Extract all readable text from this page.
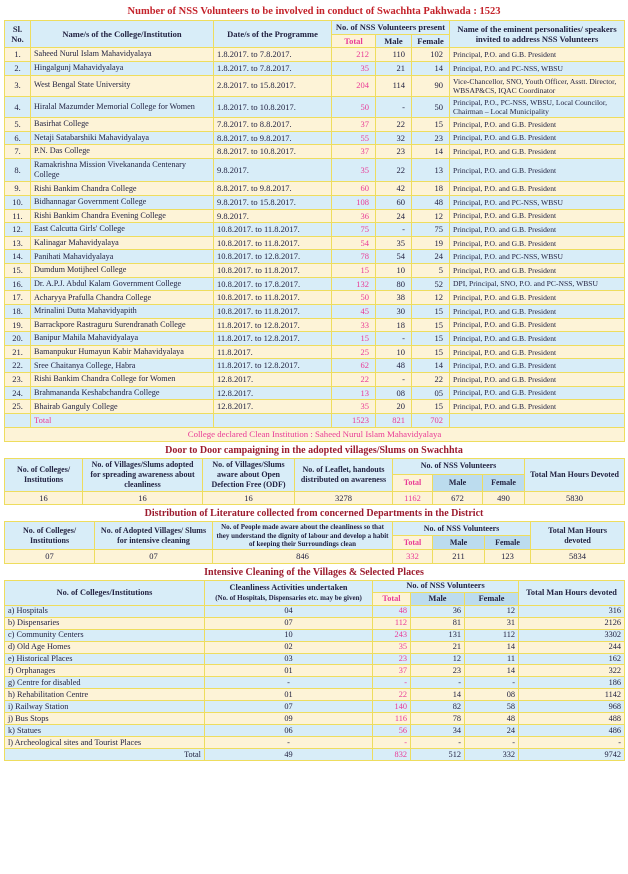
Number of NSS Volunteers to be involved in conduct of Swachhta Pakhwada : 1523
Sl. No.	Name/s of the College/Institution	Date/s of the Programme	No. of NSS Volunteers present			Name of the eminent personalities/ speakers invited to address NSS Volunteers
			Total	Male	Female	
1.	Saheed Nurul Islam Mahavidyalaya	1.8.2017. to 7.8.2017.	212	110	102	Principal, P.O. and G.B. President
2.	Hingalgunj Mahavidyalaya	1.8.2017. to 7.8.2017.	35	21	14	Principal, P.O. and PC-NSS, WBSU
3.	West Bengal State University	2.8.2017. to 15.8.2017.	204	114	90	Vice-Chancellor, SNO, Youth Officer, Asstt. Director, WBSAP&CS, IQAC Coordinator
4.	Hiralal Mazumder Memorial College for Women	1.8.2017. to 10.8.2017.	50	-	50	Principal, P.O., PC-NSS, WBSU, Local Councilor, Chairman – Local Municipality
5.	Basirhat College	7.8.2017. to 8.8.2017.	37	22	15	Principal, P.O. and G.B. President
6.	Netaji Satabarshiki Mahavidyalaya	8.8.2017. to 9.8.2017.	55	32	23	Principal, P.O. and G.B. President
7.	P.N. Das College	8.8.2017. to 10.8.2017.	37	23	14	Principal, P.O. and G.B. President
8.	Ramakrishna Mission Vivekananda Centenary College	9.8.2017.	35	22	13	Principal, P.O. and G.B. President
9.	Rishi Bankim Chandra College	8.8.2017. to 9.8.2017.	60	42	18	Principal, P.O. and G.B. President
10.	Bidhannagar Government College	9.8.2017. to 15.8.2017.	108	60	48	Principal, P.O. and PC-NSS, WBSU
11.	Rishi Bankim Chandra Evening College	9.8.2017.	36	24	12	Principal, P.O. and G.B. President
12.	East Calcutta Girls' College	10.8.2017. to 11.8.2017.	75	-	75	Principal, P.O. and G.B. President
13.	Kalinagar Mahavidyalaya	10.8.2017. to 11.8.2017.	54	35	19	Principal, P.O. and G.B. President
14.	Panihati Mahavidyalaya	10.8.2017. to 12.8.2017.	78	54	24	Principal, P.O. and PC-NSS, WBSU
15.	Dumdum Motijheel College	10.8.2017. to 11.8.2017.	15	10	5	Principal, P.O. and G.B. President
16.	Dr. A.P.J. Abdul Kalam Government College	10.8.2017. to 17.8.2017.	132	80	52	DPI, Principal, SNO, P.O. and PC-NSS, WBSU
17.	Acharyya Prafulla Chandra College	10.8.2017. to 11.8.2017.	50	38	12	Principal, P.O. and G.B. President
18.	Mrinalini Dutta Mahavidyapith	10.8.2017. to 11.8.2017.	45	30	15	Principal, P.O. and G.B. President
19.	Barrackpore Rastraguru Surendranath College	11.8.2017. to 12.8.2017.	33	18	15	Principal, P.O. and G.B. President
20.	Banipur Mahila Mahavidyalaya	11.8.2017. to 12.8.2017.	15	-	15	Principal, P.O. and G.B. President
21.	Bamanpukur Humayun Kabir Mahavidyalaya	11.8.2017.	25	10	15	Principal, P.O. and G.B. President
22.	Sree Chaitanya College, Habra	11.8.2017. to 12.8.2017.	62	48	14	Principal, P.O. and G.B. President
23.	Rishi Bankim Chandra College for Women	12.8.2017.	22	-	22	Principal, P.O. and G.B. President
24.	Brahmananda Keshabchandra College	12.8.2017.	13	08	05	Principal, P.O. and G.B. President
25.	Bhairab Ganguly College	12.8.2017.	35	20	15	Principal, P.O. and G.B. President
	Total		1523	821	702	
College declared Clean Institution : Saheed Nurul Islam Mahavidyalaya						
Door to Door campaigning in the adopted villages/Slums on Swachhta
No. of Colleges/ Institutions	No. of Villages/Slums adopted for spreading awareness about cleanliness	No. of Villages/Slums aware about Open Defection Free (ODF)	No. of Leaflet, handouts distributed on awareness	No. of NSS Volunteers			Total Man Hours Devoted
				Total	Male	Female	
16	16	16	3278	1162	672	490	5830
Distribution of Literature collected from concerned Departments in the District
No. of Colleges/ Institutions	No. of Adopted Villages/ Slums for intensive cleaning	No. of People made aware about the cleanliness so that they understand the dignity of labour and develop a habit of keeping their Surroundings clean	No. of NSS Volunteers			Total Man Hours devoted
			Total	Male	Female	
07	07	846	332	211	123	5834
Intensive Cleaning of the Villages & Selected Places
No. of Colleges/Institutions	Cleanliness Activities undertaken
(No. of Hospitals, Dispensaries etc. may be given)	No. of NSS Volunteers			Total Man Hours devoted
		Total	Male	Female	
a) Hospitals	04	48	36	12	316
b) Dispensaries	07	112	81	31	2126
c) Community Centers	10	243	131	112	3302
d) Old Age Homes	02	35	21	14	244
e) Historical Places	03	23	12	11	162
f) Orphanages	01	37	23	14	322
g) Centre for disabled	-	-	-	-	186
h) Rehabilitation Centre	01	22	14	08	1142
i) Railway Station	07	140	82	58	968
j) Bus Stops	09	116	78	48	488
k) Statues	06	56	34	24	486
l) Archeological sites and Tourist Places	-	-	-	-	-
Total	49	832	512	332	9742
